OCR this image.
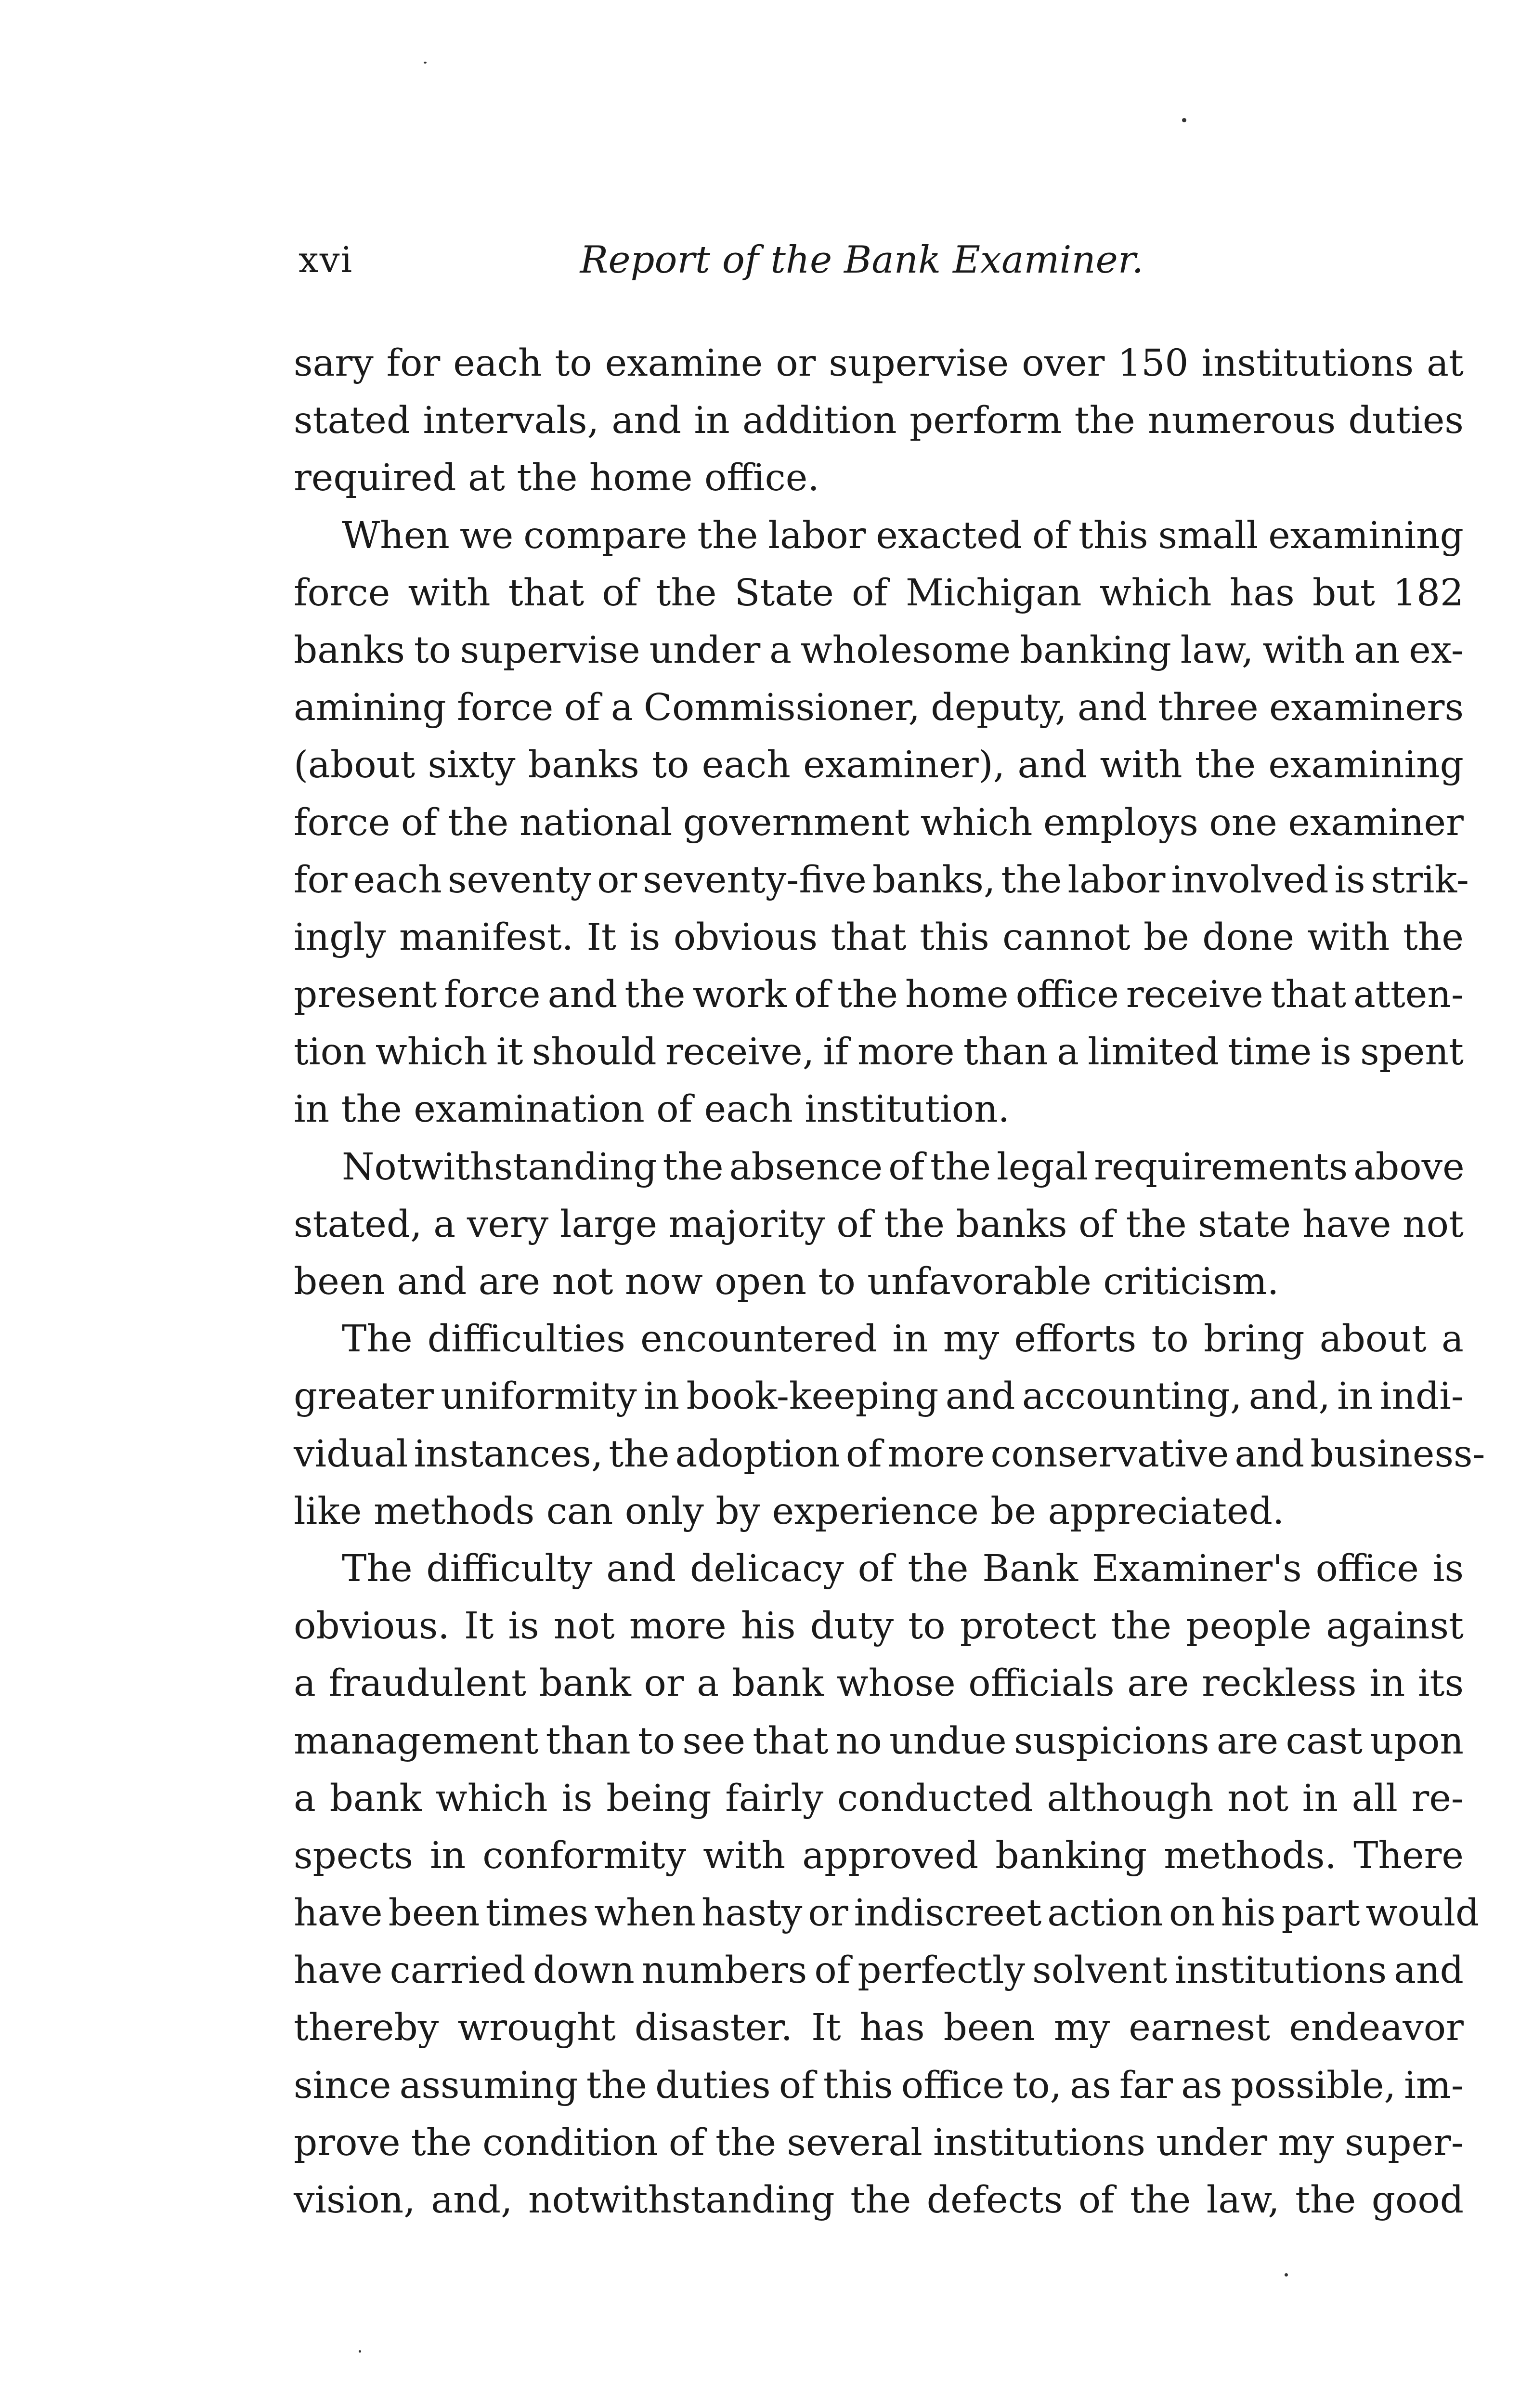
xvi	Report of the Bank Examiner.
sary for each to examine or supervise over 150 institutions at
stated intervals, and in addition perform the numerous duties
required at the home office.
When we compare the labor exacted of this small examining
force with that of the State of Michigan which has but 182
banks to supervise under a wholesome banking law, with an ex-
amining force of a Commissioner, deputy, and three examiners
(about sixty banks to each examiner), and with the examining
force of the national government which employs one examiner
for each seventy or seventy-five banks, the labor involved is strik-
ingly manifest. It is obvious that this cannot be done with the
present force and the work of the home office receive that atten-
tion which it should receive, if more than a limited time is spent
in the examination of each institution.
Notwithstanding the absence of the legal requirements above
stated, a very large majority of the banks of the state have not
been and are not now open to unfavorable criticism.
The difficulties encountered in my efforts to bring about a
greater uniformity in book-keeping and accounting, and, in indi-
vidual instances, the adoption of more conservative and business-
like methods can only by experience be appreciated.
The difficulty and delicacy of the Bank Examiner's office is
obvious. It is not more his duty to protect the people against
a fraudulent bank or a bank whose officials are reckless in its
management than to see that no undue suspicions are cast upon
a bank which is being fairly conducted although not in all re-
spects in conformity with approved banking methods. There
have been times when hasty or indiscreet action on his part would
have carried down numbers of perfectly solvent institutions and
thereby wrought disaster. It has been my earnest endeavor
since assuming the duties of this office to, as far as possible, im-
prove the condition of the several institutions under my super-
vision, and, notwithstanding the defects of the law, the good
